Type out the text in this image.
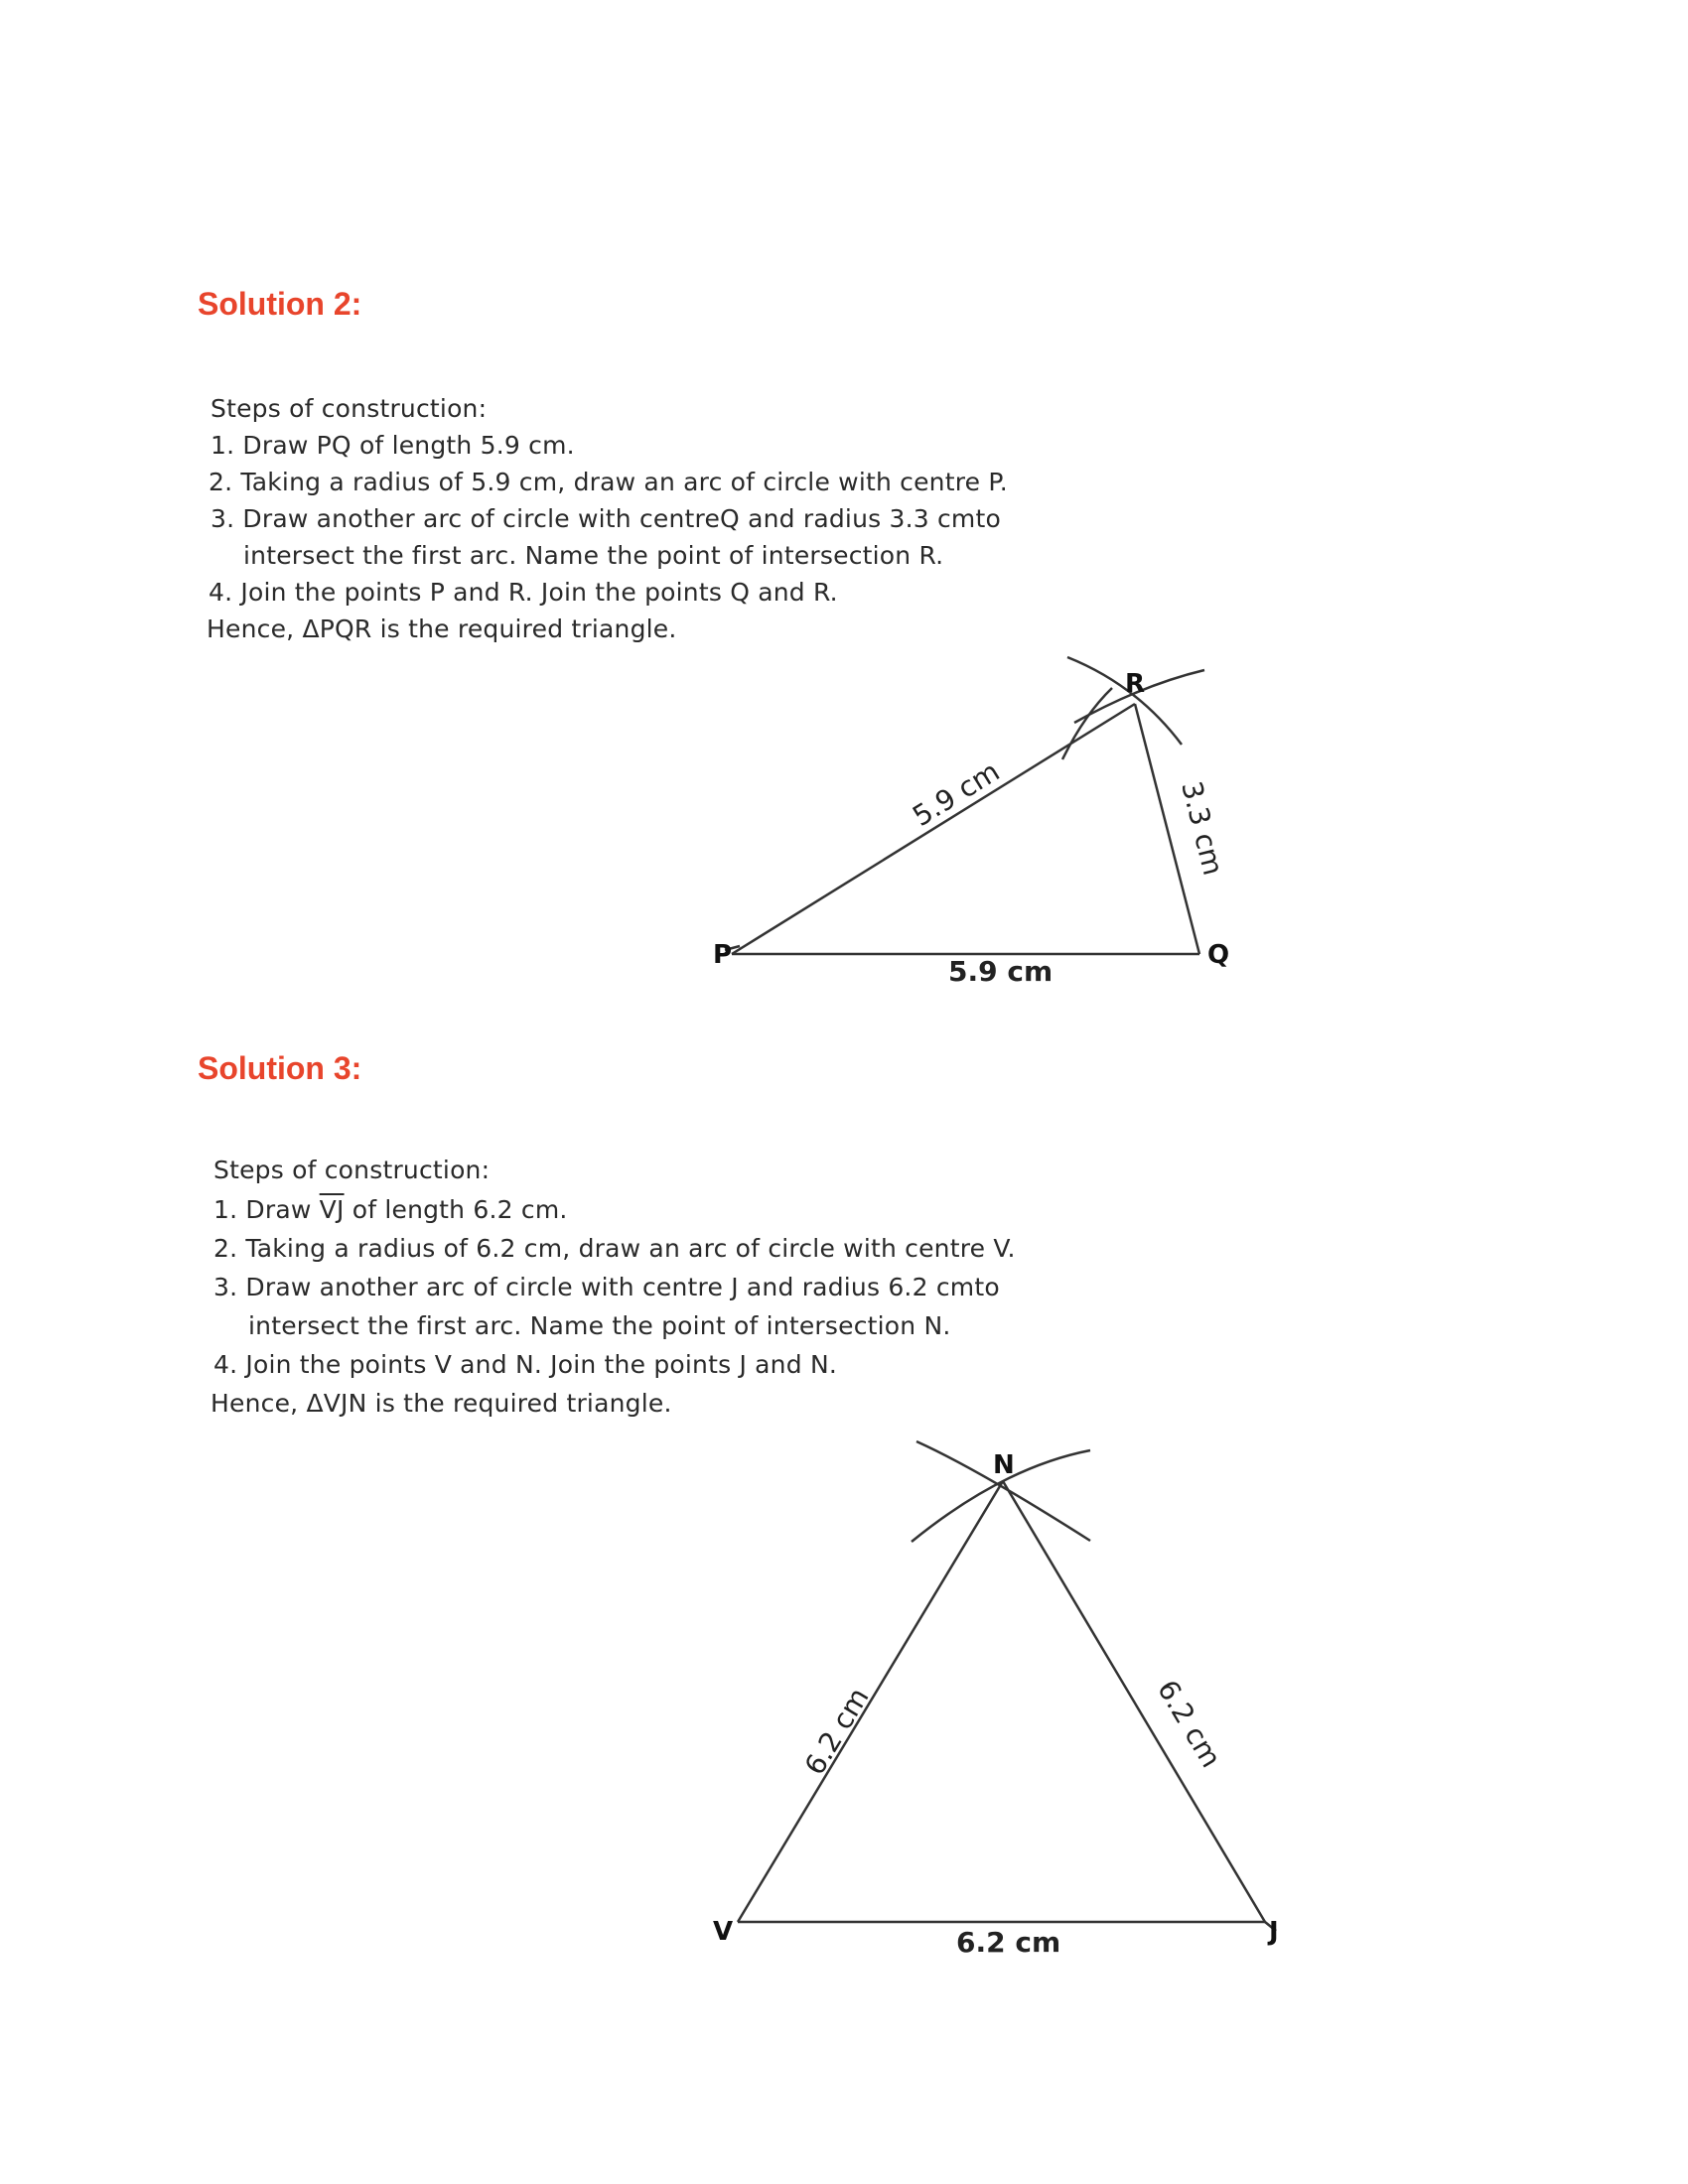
Solution 2:
Steps of construction:
1. Draw PQ of length 5.9 cm.
2. Taking a radius of 5.9 cm, draw an arc of circle with centre P.
3. Draw another arc of circle with centreQ and radius 3.3 cmto
intersect the first arc. Name the point of intersection R.
4. Join the points P and R. Join the points Q and R.
Hence, ΔPQR is the required triangle.
Solution 3:
Steps of construction:
1. Draw $\overline{VJ}$ of length 6.2 cm.
2. Taking a radius of 6.2 cm, draw an arc of circle with centre V.
3. Draw another arc of circle with centre J and radius 6.2 cmto
intersect the first arc. Name the point of intersection N.
4. Join the points V and N. Join the points J and N.
Hence, ΔVJN is the required triangle.
P	Q
R
5.9 cm
5.9 cm	3.3 cm
V	J
N
6.2 cm
6.2 cm	6.2 cm
